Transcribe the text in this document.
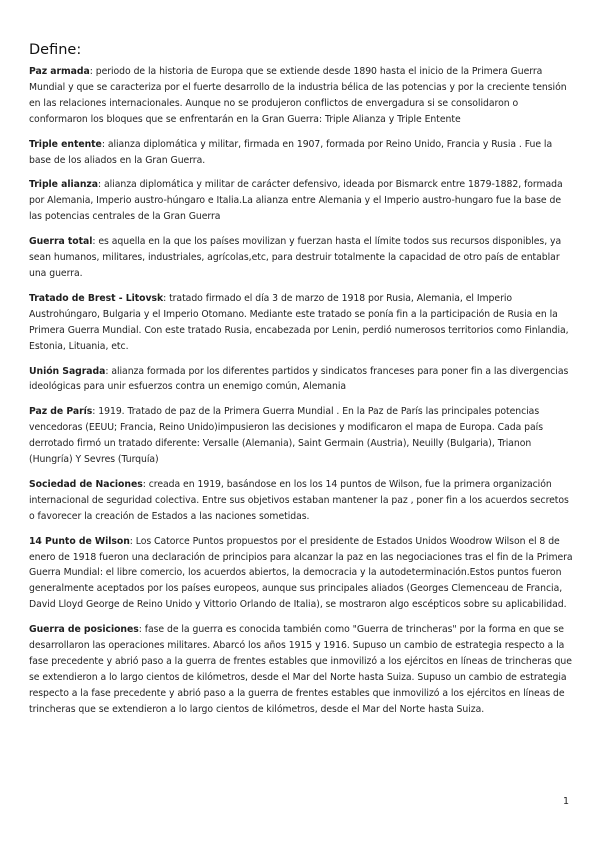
Define:

Paz armada: periodo de la historia de Europa que se extiende desde 1890 hasta el inicio de la Primera Guerra Mundial y que se caracteriza por el fuerte desarrollo de la industria bélica de las potencias y por la creciente tensión en las relaciones internacionales. Aunque no se produjeron conflictos de envergadura si se consolidaron o conformaron los bloques que se enfrentarán en la Gran Guerra: Triple Alianza y Triple Entente

Triple entente: alianza diplomática y militar, firmada en 1907, formada por Reino Unido, Francia y Rusia . Fue la base de los aliados en la Gran Guerra.

Triple alianza: alianza diplomática y militar de carácter defensivo, ideada por Bismarck entre 1879-1882, formada por Alemania, Imperio austro-húngaro e Italia.La alianza entre Alemania y el Imperio austro-hungaro fue la base de las potencias centrales de la Gran Guerra

Guerra total: es aquella en la que los países movilizan y fuerzan hasta el límite todos sus recursos disponibles, ya sean humanos, militares, industriales, agrícolas,etc, para destruir totalmente la capacidad de otro país de entablar una guerra.

Tratado de Brest - Litovsk: tratado firmado el día 3 de marzo de 1918 por Rusia, Alemania, el Imperio Austrohúngaro, Bulgaria y el Imperio Otomano. Mediante este tratado se ponía fin a la participación de Rusia en la Primera Guerra Mundial. Con este tratado Rusia, encabezada por Lenin, perdió numerosos territorios como Finlandia, Estonia, Lituania, etc.

Unión Sagrada: alianza formada por los diferentes partidos y sindicatos franceses para poner fin a las divergencias ideológicas para unir esfuerzos contra un enemigo común, Alemania

Paz de París: 1919. Tratado de paz de la Primera Guerra Mundial . En la Paz de París las principales potencias vencedoras (EEUU; Francia, Reino Unido)impusieron las decisiones y modificaron el mapa de Europa. Cada país derrotado firmó un tratado diferente: Versalle (Alemania), Saint Germain (Austria), Neuilly (Bulgaria), Trianon (Hungría) Y Sevres (Turquía)

Sociedad de Naciones: creada en 1919, basándose en los los 14 puntos de Wilson, fue la primera organización internacional de seguridad colectiva. Entre sus objetivos estaban mantener la paz , poner fin a los acuerdos secretos o favorecer la creación de Estados a las naciones sometidas.

14 Punto de Wilson: Los Catorce Puntos propuestos por el presidente de Estados Unidos Woodrow Wilson el 8 de enero de 1918 fueron una declaración de principios para alcanzar la paz en las negociaciones tras el fin de la Primera Guerra Mundial: el libre comercio, los acuerdos abiertos, la democracia y la autodeterminación.Estos puntos fueron generalmente aceptados por los países europeos, aunque sus principales aliados (Georges Clemenceau de Francia, David Lloyd George de Reino Unido y Vittorio Orlando de Italia), se mostraron algo escépticos sobre su aplicabilidad.

Guerra de posiciones: fase de la guerra es conocida también como "Guerra de trincheras" por la forma en que se desarrollaron las operaciones militares. Abarcó los años 1915 y 1916. Supuso un cambio de estrategia respecto a la fase precedente y abrió paso a la guerra de frentes estables que inmovilizó a los ejércitos en líneas de trincheras que se extendieron a lo largo cientos de kilómetros, desde el Mar del Norte hasta Suiza. Supuso un cambio de estrategia respecto a la fase precedente y abrió paso a la guerra de frentes estables que inmovilizó a los ejércitos en líneas de trincheras que se extendieron a lo largo cientos de kilómetros, desde el Mar del Norte hasta Suiza.

1
